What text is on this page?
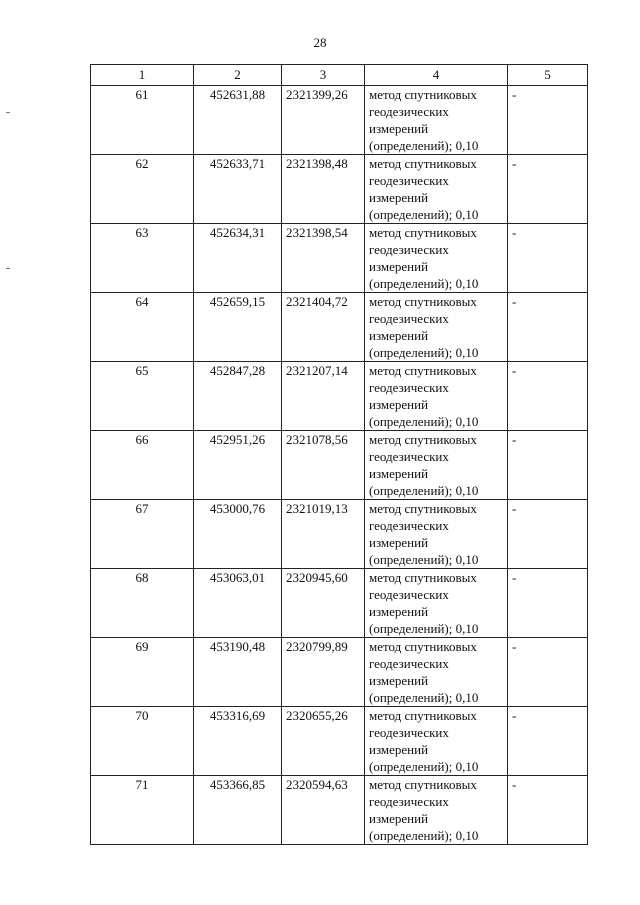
28
1	2	3	4	5
61	452631,88	2321399,26	метод спутниковых геодезических измерений (определений); 0,10	-
62	452633,71	2321398,48	метод спутниковых геодезических измерений (определений); 0,10	-
63	452634,31	2321398,54	метод спутниковых геодезических измерений (определений); 0,10	-
64	452659,15	2321404,72	метод спутниковых геодезических измерений (определений); 0,10	-
65	452847,28	2321207,14	метод спутниковых геодезических измерений (определений); 0,10	-
66	452951,26	2321078,56	метод спутниковых геодезических измерений (определений); 0,10	-
67	453000,76	2321019,13	метод спутниковых геодезических измерений (определений); 0,10	-
68	453063,01	2320945,60	метод спутниковых геодезических измерений (определений); 0,10	-
69	453190,48	2320799,89	метод спутниковых геодезических измерений (определений); 0,10	-
70	453316,69	2320655,26	метод спутниковых геодезических измерений (определений); 0,10	-
71	453366,85	2320594,63	метод спутниковых геодезических измерений (определений); 0,10	-
